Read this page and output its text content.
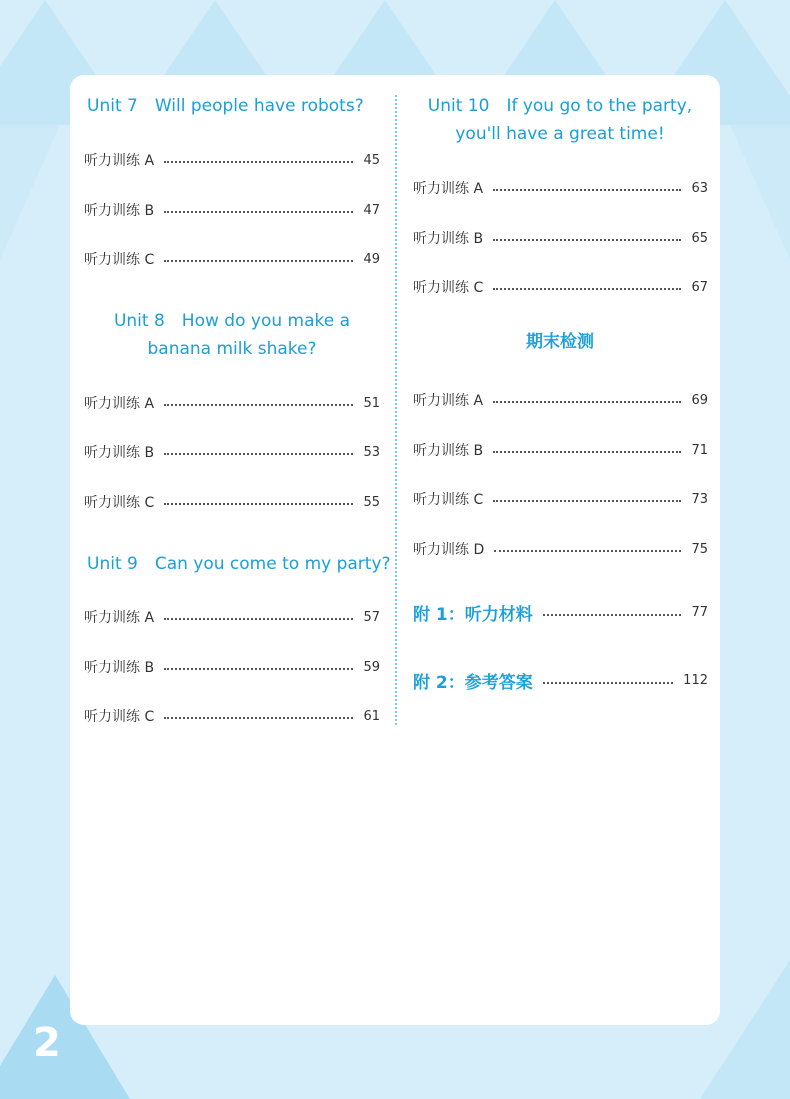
Unit 7　Will people have robots?
听力训练 A	45
听力训练 B	47
听力训练 C	49
Unit 8　How do you make a
banana milk shake?
听力训练 A	51
听力训练 B	53
听力训练 C	55
Unit 9　Can you come to my party?
听力训练 A	57
听力训练 B	59
听力训练 C	61
Unit 10　If you go to the party,
you'll have a great time!
听力训练 A	63
听力训练 B	65
听力训练 C	67
期末检测
听力训练 A	69
听力训练 B	71
听力训练 C	73
听力训练 D	75
附 1：听力材料	77
附 2：参考答案	112
2
